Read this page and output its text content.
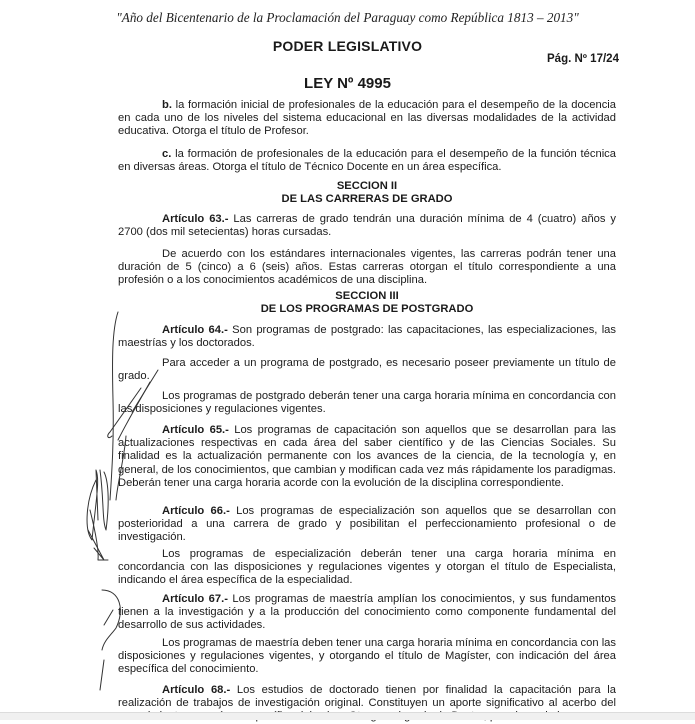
"Año del Bicentenario de la Proclamación del Paraguay como República 1813 – 2013"
PODER LEGISLATIVO
Pág. Nº 17/24
LEY Nº 4995

b. la formación inicial de profesionales de la educación para el desempeño de la docencia en cada uno de los niveles del sistema educacional en las diversas modalidades de la actividad educativa. Otorga el título de Profesor.

c. la formación de profesionales de la educación para el desempeño de la función técnica en diversas áreas. Otorga el título de Técnico Docente en un área específica.

SECCION II
DE LAS CARRERAS DE GRADO

Artículo 63.- Las carreras de grado tendrán una duración mínima de 4 (cuatro) años y 2700 (dos mil setecientas) horas cursadas.

De acuerdo con los estándares internacionales vigentes, las carreras podrán tener una duración de 5 (cinco) a 6 (seis) años. Estas carreras otorgan el título correspondiente a una profesión o a los conocimientos académicos de una disciplina.

SECCION III
DE LOS PROGRAMAS DE POSTGRADO

Artículo 64.- Son programas de postgrado: las capacitaciones, las especializaciones, las maestrías y los doctorados.

Para acceder a un programa de postgrado, es necesario poseer previamente un título de grado.

Los programas de postgrado deberán tener una carga horaria mínima en concordancia con las disposiciones y regulaciones vigentes.

Artículo 65.- Los programas de capacitación son aquellos que se desarrollan para las actualizaciones respectivas en cada área del saber científico y de las Ciencias Sociales. Su finalidad es la actualización permanente con los avances de la ciencia, de la tecnología y, en general, de los conocimientos, que cambian y modifican cada vez más rápidamente los paradigmas. Deberán tener una carga horaria acorde con la evolución de la disciplina correspondiente.

Artículo 66.- Los programas de especialización son aquellos que se desarrollan con posterioridad a una carrera de grado y posibilitan el perfeccionamiento profesional o de investigación.

Los programas de especialización deberán tener una carga horaria mínima en concordancia con las disposiciones y regulaciones vigentes y otorgan el título de Especialista, indicando el área específica de la especialidad.

Artículo 67.- Los programas de maestría amplían los conocimientos, y sus fundamentos tienen a la investigación y a la producción del conocimiento como componente fundamental del desarrollo de sus actividades.

Los programas de maestría deben tener una carga horaria mínima en concordancia con las disposiciones y regulaciones vigentes, y otorgando el título de Magíster, con indicación del área específica del conocimiento.

Artículo 68.- Los estudios de doctorado tienen por finalidad la capacitación para la realización de trabajos de investigación original. Constituyen un aporte significativo al acerbo del
